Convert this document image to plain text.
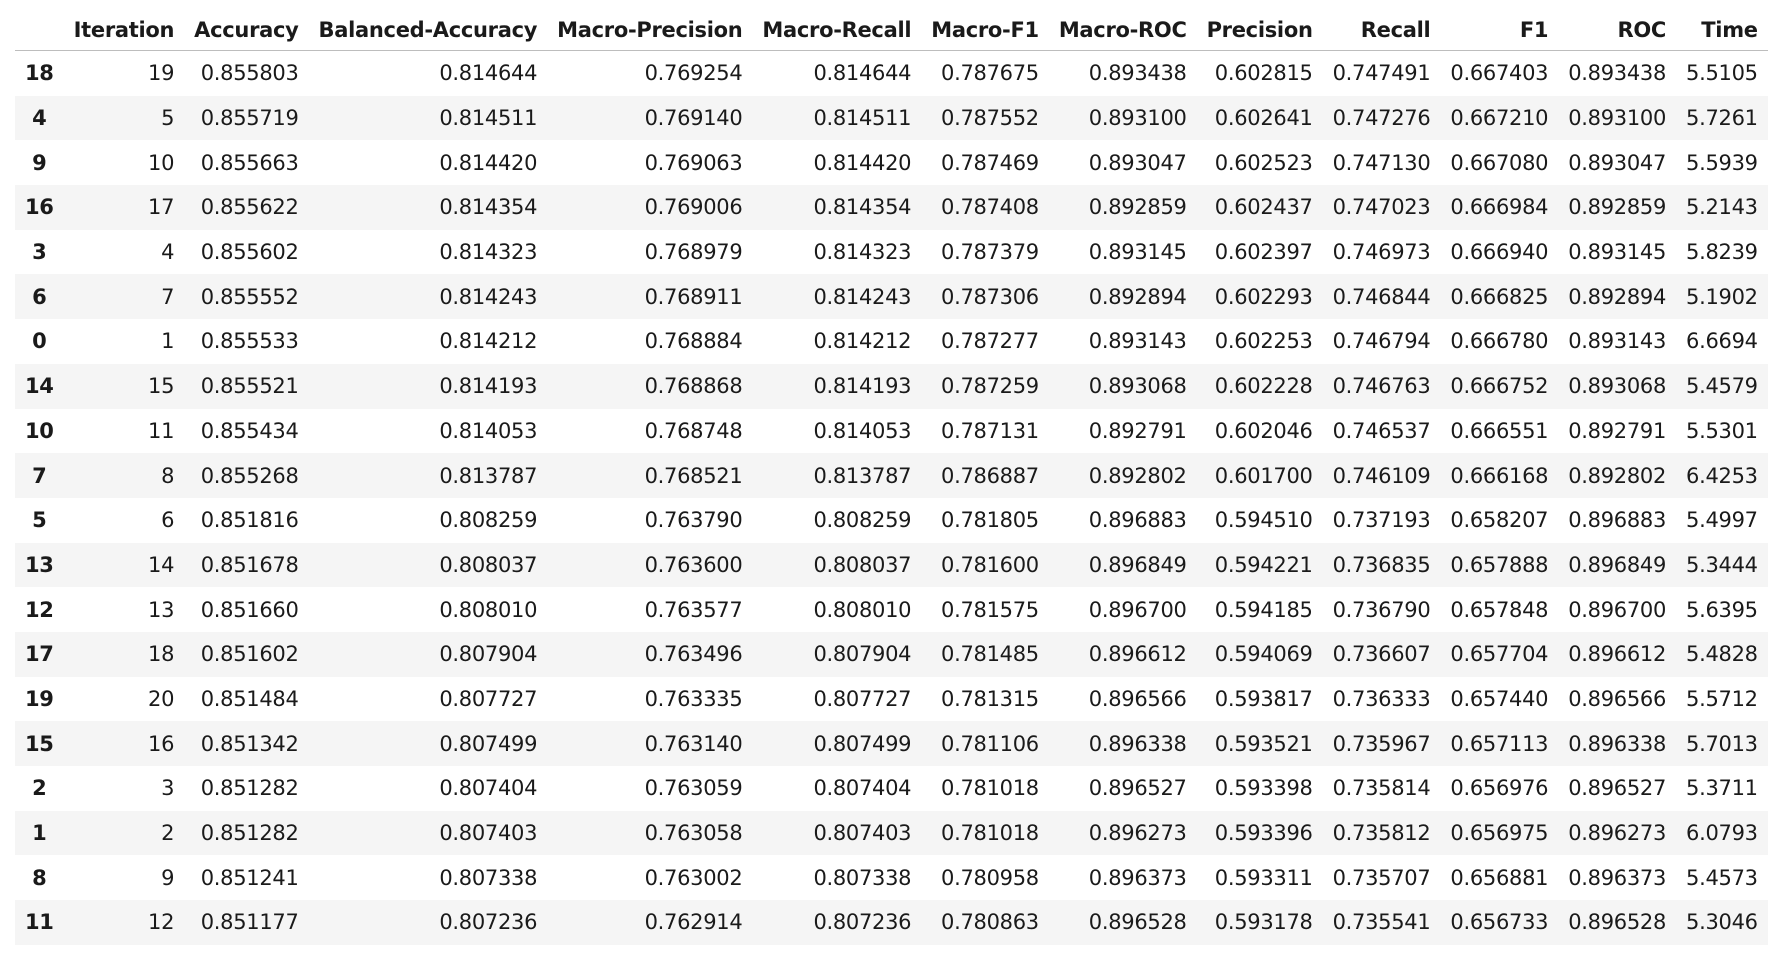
	Iteration	Accuracy	Balanced-Accuracy	Macro-Precision	Macro-Recall	Macro-F1	Macro-ROC	Precision	Recall	F1	ROC	Time
18	19	0.855803	0.814644	0.769254	0.814644	0.787675	0.893438	0.602815	0.747491	0.667403	0.893438	5.5105
4	5	0.855719	0.814511	0.769140	0.814511	0.787552	0.893100	0.602641	0.747276	0.667210	0.893100	5.7261
9	10	0.855663	0.814420	0.769063	0.814420	0.787469	0.893047	0.602523	0.747130	0.667080	0.893047	5.5939
16	17	0.855622	0.814354	0.769006	0.814354	0.787408	0.892859	0.602437	0.747023	0.666984	0.892859	5.2143
3	4	0.855602	0.814323	0.768979	0.814323	0.787379	0.893145	0.602397	0.746973	0.666940	0.893145	5.8239
6	7	0.855552	0.814243	0.768911	0.814243	0.787306	0.892894	0.602293	0.746844	0.666825	0.892894	5.1902
0	1	0.855533	0.814212	0.768884	0.814212	0.787277	0.893143	0.602253	0.746794	0.666780	0.893143	6.6694
14	15	0.855521	0.814193	0.768868	0.814193	0.787259	0.893068	0.602228	0.746763	0.666752	0.893068	5.4579
10	11	0.855434	0.814053	0.768748	0.814053	0.787131	0.892791	0.602046	0.746537	0.666551	0.892791	5.5301
7	8	0.855268	0.813787	0.768521	0.813787	0.786887	0.892802	0.601700	0.746109	0.666168	0.892802	6.4253
5	6	0.851816	0.808259	0.763790	0.808259	0.781805	0.896883	0.594510	0.737193	0.658207	0.896883	5.4997
13	14	0.851678	0.808037	0.763600	0.808037	0.781600	0.896849	0.594221	0.736835	0.657888	0.896849	5.3444
12	13	0.851660	0.808010	0.763577	0.808010	0.781575	0.896700	0.594185	0.736790	0.657848	0.896700	5.6395
17	18	0.851602	0.807904	0.763496	0.807904	0.781485	0.896612	0.594069	0.736607	0.657704	0.896612	5.4828
19	20	0.851484	0.807727	0.763335	0.807727	0.781315	0.896566	0.593817	0.736333	0.657440	0.896566	5.5712
15	16	0.851342	0.807499	0.763140	0.807499	0.781106	0.896338	0.593521	0.735967	0.657113	0.896338	5.7013
2	3	0.851282	0.807404	0.763059	0.807404	0.781018	0.896527	0.593398	0.735814	0.656976	0.896527	5.3711
1	2	0.851282	0.807403	0.763058	0.807403	0.781018	0.896273	0.593396	0.735812	0.656975	0.896273	6.0793
8	9	0.851241	0.807338	0.763002	0.807338	0.780958	0.896373	0.593311	0.735707	0.656881	0.896373	5.4573
11	12	0.851177	0.807236	0.762914	0.807236	0.780863	0.896528	0.593178	0.735541	0.656733	0.896528	5.3046
